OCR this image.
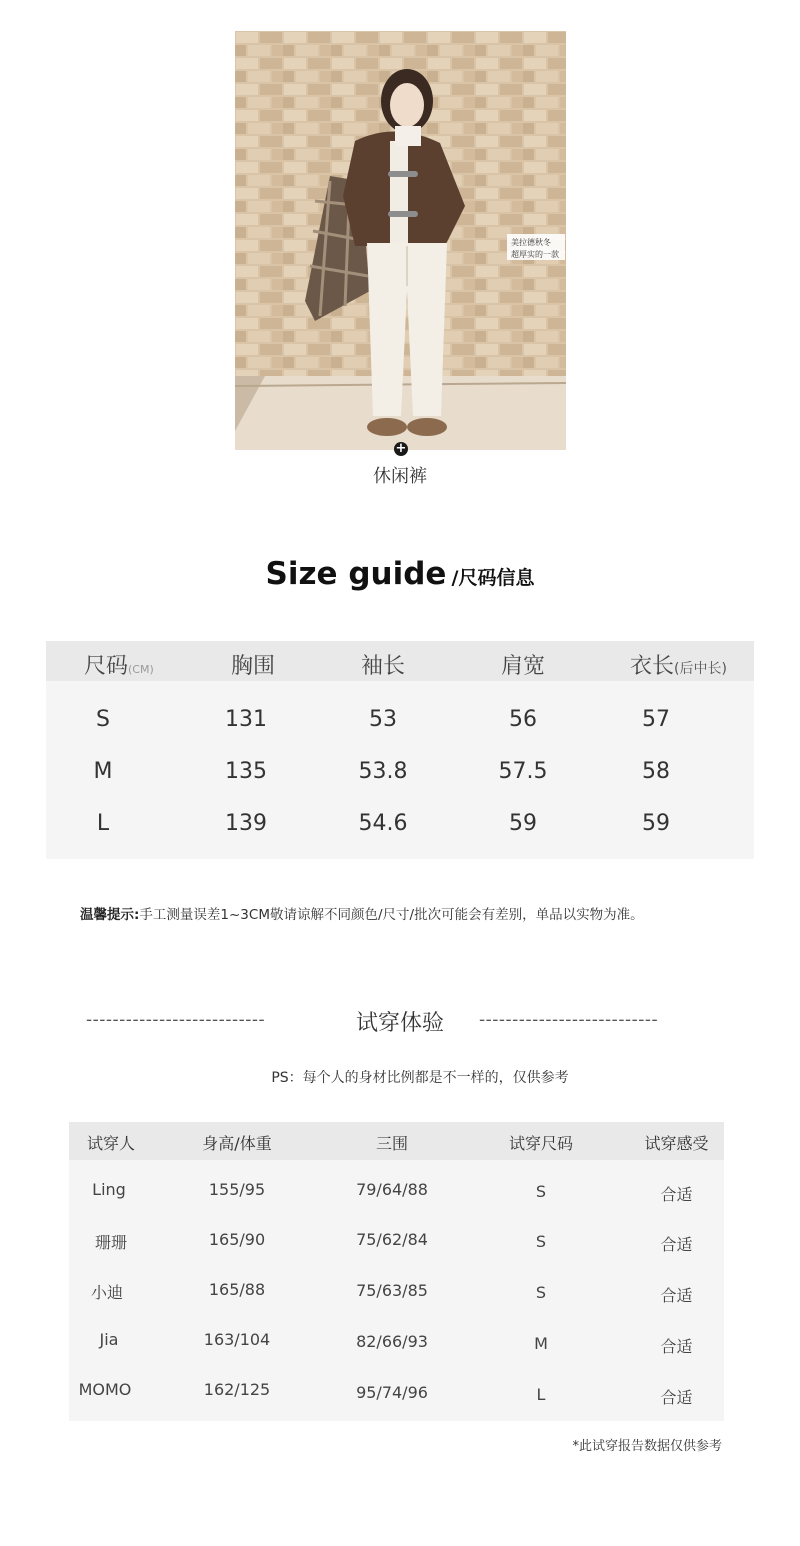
美拉德秋冬
超厚实的一款
+
休闲裤
Size guide /尺码信息
尺码(CM)	胸围	袖长	肩宽	衣长(后中长)
S	131	53	56	57
M	135	53.8	57.5	58
L	139	54.6	59	59
温馨提示:手工测量误差1~3CM敬请谅解不同颜色/尺寸/批次可能会有差别，单品以实物为准。
---------------------------	试穿体验	---------------------------
PS：每个人的身材比例都是不一样的，仅供参考
试穿人	身高/体重	三围	试穿尺码	试穿感受
Ling	155/95	79/64/88	S	合适
珊珊	165/90	75/62/84	S	合适
小迪	165/88	75/63/85	S	合适
Jia	163/104	82/66/93	M	合适
MOMO	162/125	95/74/96	L	合适
*此试穿报告数据仅供参考
